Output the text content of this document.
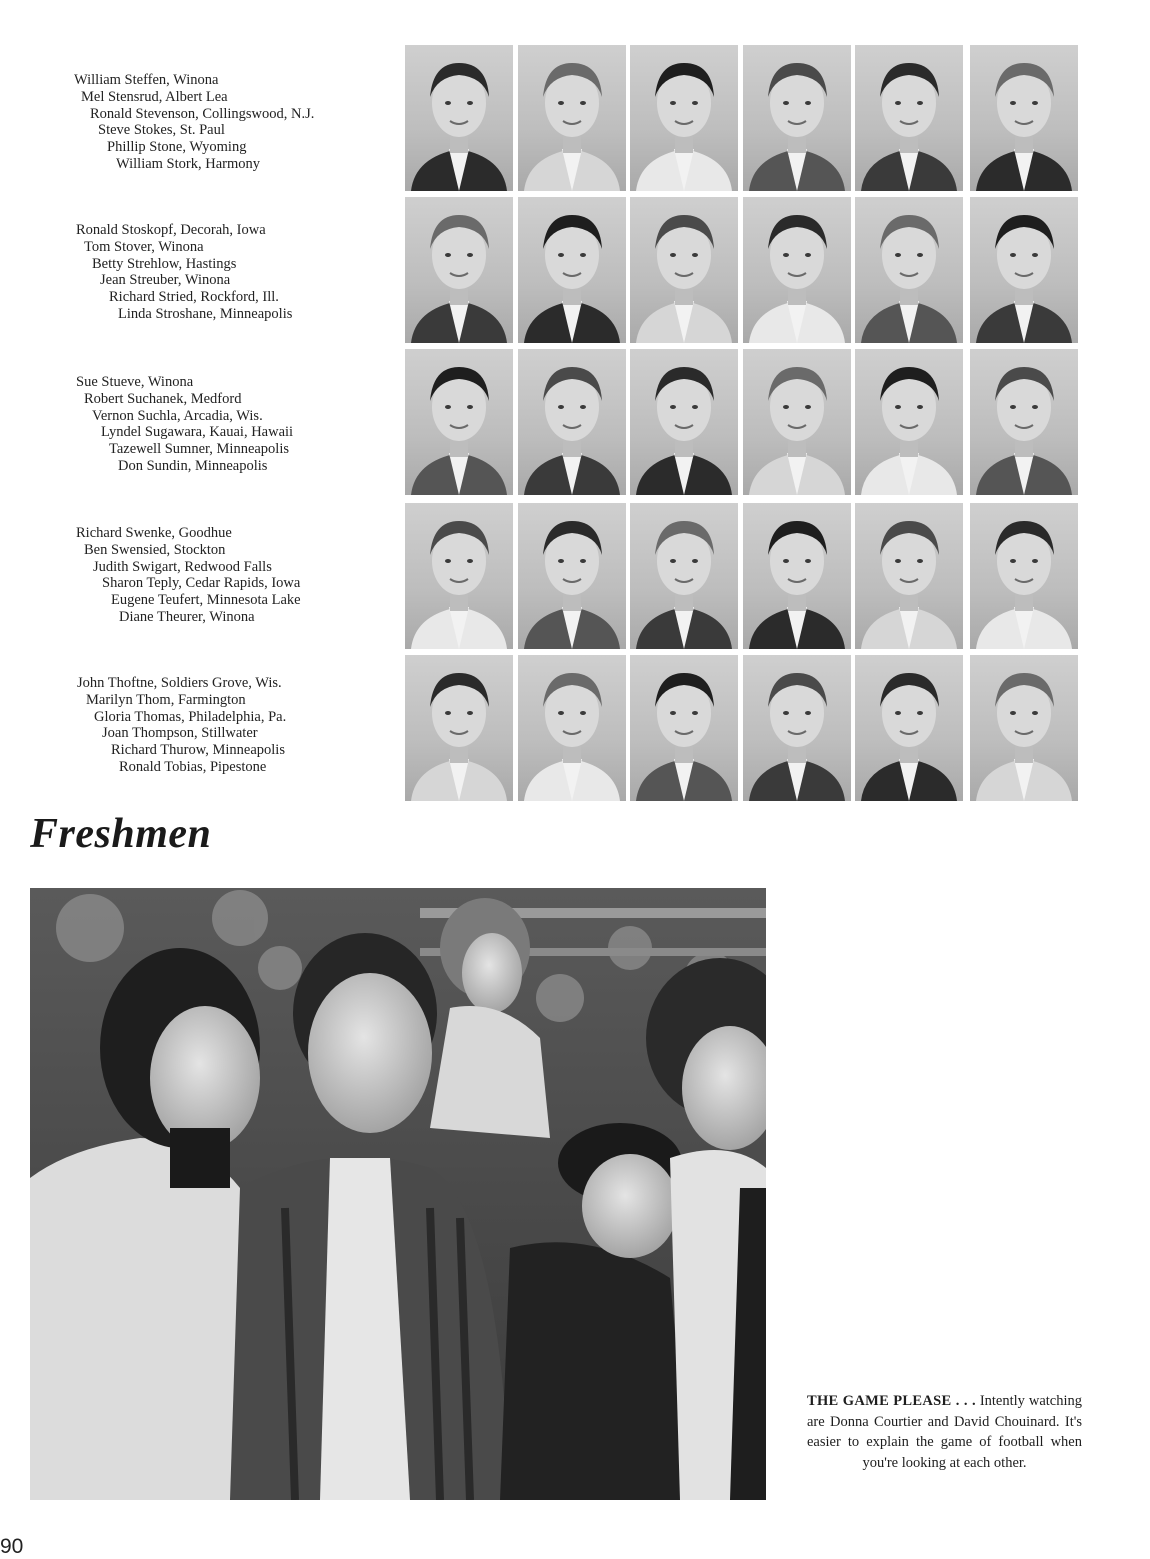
William Steffen, Winona
Mel Stensrud, Albert Lea
Ronald Stevenson, Collingswood, N.J.
Steve Stokes, St. Paul
Phillip Stone, Wyoming
William Stork, Harmony
Ronald Stoskopf, Decorah, Iowa
Tom Stover, Winona
Betty Strehlow, Hastings
Jean Streuber, Winona
Richard Stried, Rockford, Ill.
Linda Stroshane, Minneapolis
Sue Stueve, Winona
Robert Suchanek, Medford
Vernon Suchla, Arcadia, Wis.
Lyndel Sugawara, Kauai, Hawaii
Tazewell Sumner, Minneapolis
Don Sundin, Minneapolis
Richard Swenke, Goodhue
Ben Swensied, Stockton
Judith Swigart, Redwood Falls
Sharon Teply, Cedar Rapids, Iowa
Eugene Teufert, Minnesota Lake
Diane Theurer, Winona
John Thoftne, Soldiers Grove, Wis.
Marilyn Thom, Farmington
Gloria Thomas, Philadelphia, Pa.
Joan Thompson, Stillwater
Richard Thurow, Minneapolis
Ronald Tobias, Pipestone
Freshmen
THE GAME PLEASE . . . Intently watching are Donna Courtier and David Chouinard. It's easier to explain the game of football when you're looking at each other.
90
